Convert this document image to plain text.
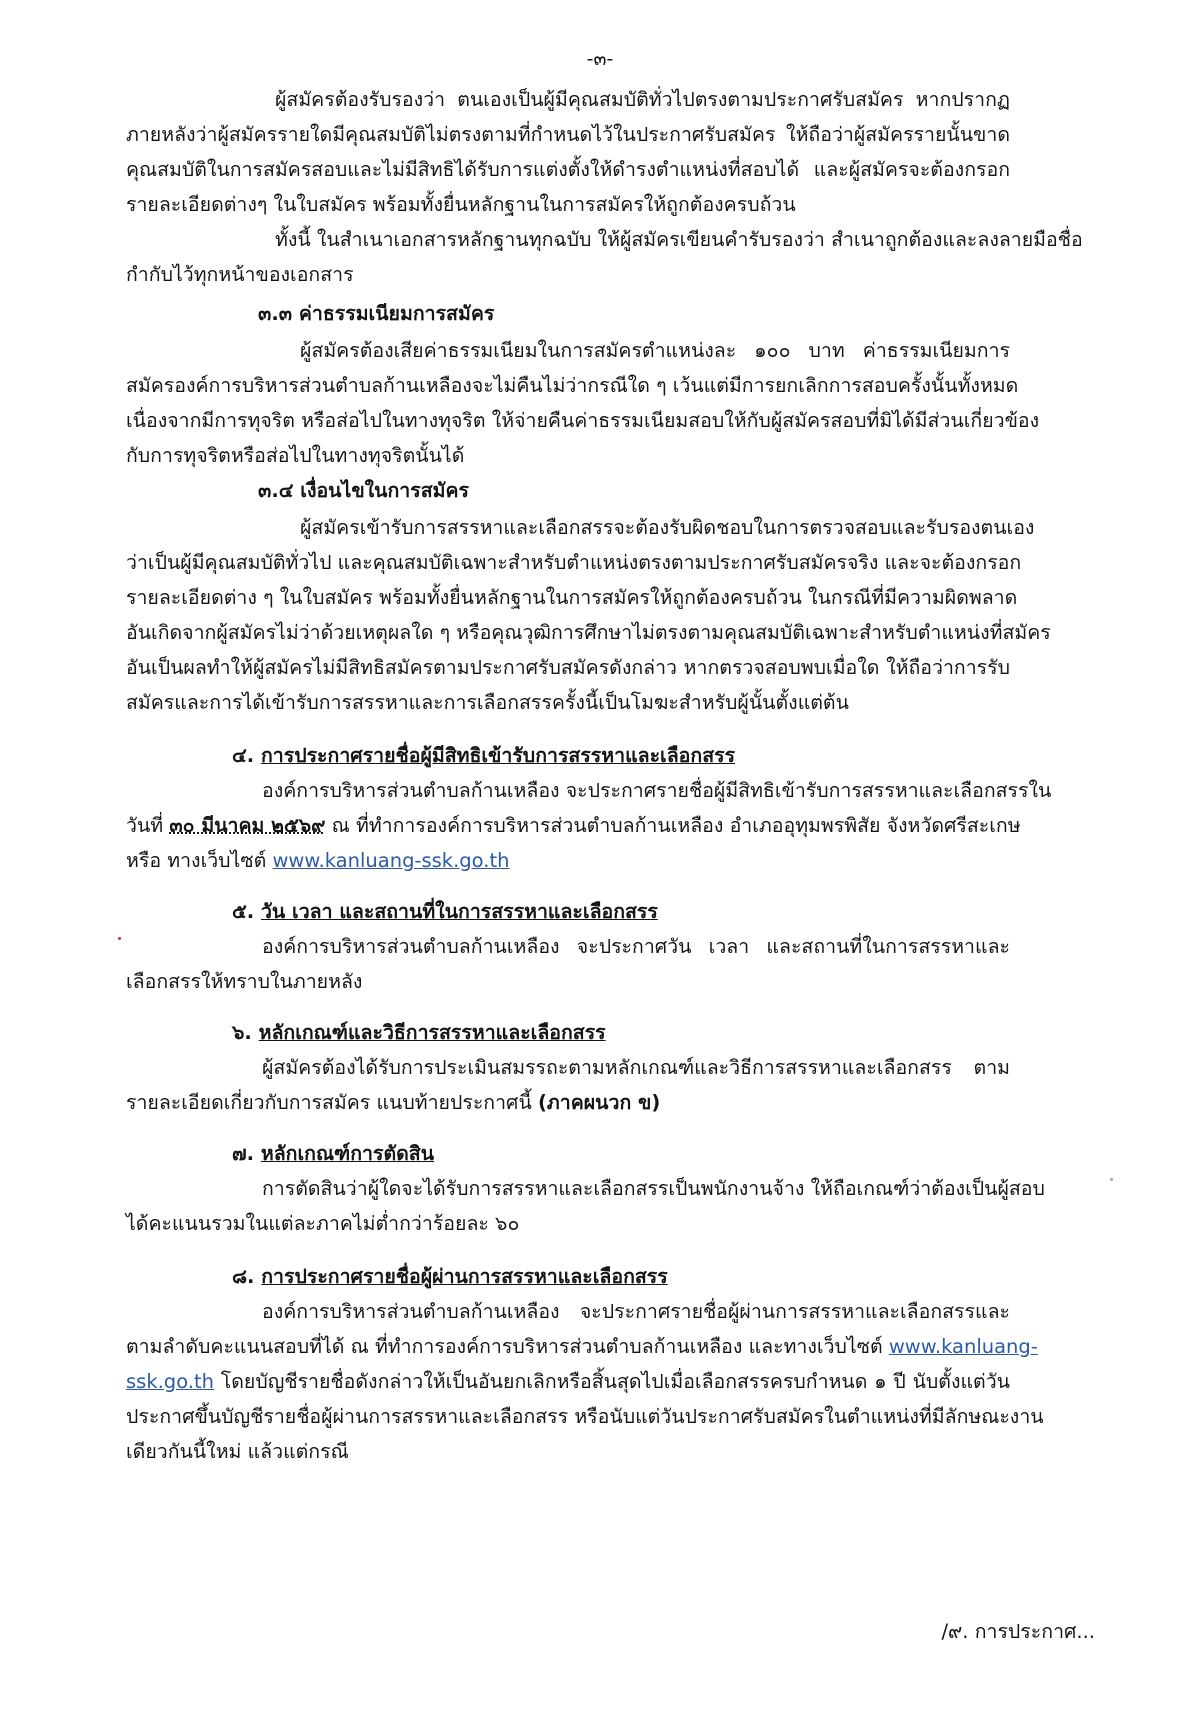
-๓-
ผู้สมัครต้องรับรองว่า ตนเองเป็นผู้มีคุณสมบัติทั่วไปตรงตามประกาศรับสมัคร หากปรากฏ
ภายหลังว่าผู้สมัครรายใดมีคุณสมบัติไม่ตรงตามที่กำหนดไว้ในประกาศรับสมัคร ให้ถือว่าผู้สมัครรายนั้นขาด
คุณสมบัติในการสมัครสอบและไม่มีสิทธิได้รับการแต่งตั้งให้ดำรงตำแหน่งที่สอบได้ และผู้สมัครจะต้องกรอก
รายละเอียดต่างๆ ในใบสมัคร พร้อมทั้งยื่นหลักฐานในการสมัครให้ถูกต้องครบถ้วน
ทั้งนี้ ในสำเนาเอกสารหลักฐานทุกฉบับ ให้ผู้สมัครเขียนคำรับรองว่า สำเนาถูกต้องและลงลายมือชื่อ
กำกับไว้ทุกหน้าของเอกสาร
๓.๓ ค่าธรรมเนียมการสมัคร
ผู้สมัครต้องเสียค่าธรรมเนียมในการสมัครตำแหน่งละ ๑๐๐ บาท ค่าธรรมเนียมการ
สมัครองค์การบริหารส่วนตำบลก้านเหลืองจะไม่คืนไม่ว่ากรณีใด ๆ เว้นแต่มีการยกเลิกการสอบครั้งนั้นทั้งหมด
เนื่องจากมีการทุจริต หรือส่อไปในทางทุจริต ให้จ่ายคืนค่าธรรมเนียมสอบให้กับผู้สมัครสอบที่มิได้มีส่วนเกี่ยวข้อง
กับการทุจริตหรือส่อไปในทางทุจริตนั้นได้
๓.๔ เงื่อนไขในการสมัคร
ผู้สมัครเข้ารับการสรรหาและเลือกสรรจะต้องรับผิดชอบในการตรวจสอบและรับรองตนเอง
ว่าเป็นผู้มีคุณสมบัติทั่วไป และคุณสมบัติเฉพาะสำหรับตำแหน่งตรงตามประกาศรับสมัครจริง และจะต้องกรอก
รายละเอียดต่าง ๆ ในใบสมัคร พร้อมทั้งยื่นหลักฐานในการสมัครให้ถูกต้องครบถ้วน ในกรณีที่มีความผิดพลาด
อันเกิดจากผู้สมัครไม่ว่าด้วยเหตุผลใด ๆ หรือคุณวุฒิการศึกษาไม่ตรงตามคุณสมบัติเฉพาะสำหรับตำแหน่งที่สมัคร
อันเป็นผลทำให้ผู้สมัครไม่มีสิทธิสมัครตามประกาศรับสมัครดังกล่าว หากตรวจสอบพบเมื่อใด ให้ถือว่าการรับ
สมัครและการได้เข้ารับการสรรหาและการเลือกสรรครั้งนี้เป็นโมฆะสำหรับผู้นั้นตั้งแต่ต้น
๔. การประกาศรายชื่อผู้มีสิทธิเข้ารับการสรรหาและเลือกสรร
องค์การบริหารส่วนตำบลก้านเหลือง จะประกาศรายชื่อผู้มีสิทธิเข้ารับการสรรหาและเลือกสรรใน
วันที่ ๓๐ มีนาคม ๒๕๖๙ ณ ที่ทำการองค์การบริหารส่วนตำบลก้านเหลือง อำเภออุทุมพรพิสัย จังหวัดศรีสะเกษ
หรือ ทางเว็บไซต์ www.kanluang-ssk.go.th
๕. วัน เวลา และสถานที่ในการสรรหาและเลือกสรร
องค์การบริหารส่วนตำบลก้านเหลือง จะประกาศวัน เวลา และสถานที่ในการสรรหาและ
เลือกสรรให้ทราบในภายหลัง
๖. หลักเกณฑ์และวิธีการสรรหาและเลือกสรร
ผู้สมัครต้องได้รับการประเมินสมรรถะตามหลักเกณฑ์และวิธีการสรรหาและเลือกสรร ตาม
รายละเอียดเกี่ยวกับการสมัคร แนบท้ายประกาศนี้ (ภาคผนวก ข)
๗. หลักเกณฑ์การตัดสิน
การตัดสินว่าผู้ใดจะได้รับการสรรหาและเลือกสรรเป็นพนักงานจ้าง ให้ถือเกณฑ์ว่าต้องเป็นผู้สอบ
ได้คะแนนรวมในแต่ละภาคไม่ต่ำกว่าร้อยละ ๖๐
๘. การประกาศรายชื่อผู้ผ่านการสรรหาและเลือกสรร
องค์การบริหารส่วนตำบลก้านเหลือง จะประกาศรายชื่อผู้ผ่านการสรรหาและเลือกสรรและ
ตามลำดับคะแนนสอบที่ได้ ณ ที่ทำการองค์การบริหารส่วนตำบลก้านเหลือง และทางเว็บไซต์ www.kanluang-
ssk.go.th โดยบัญชีรายชื่อดังกล่าวให้เป็นอันยกเลิกหรือสิ้นสุดไปเมื่อเลือกสรรครบกำหนด ๑ ปี นับตั้งแต่วัน
ประกาศขึ้นบัญชีรายชื่อผู้ผ่านการสรรหาและเลือกสรร หรือนับแต่วันประกาศรับสมัครในตำแหน่งที่มีลักษณะงาน
เดียวกันนี้ใหม่ แล้วแต่กรณี
/๙. การประกาศ...
